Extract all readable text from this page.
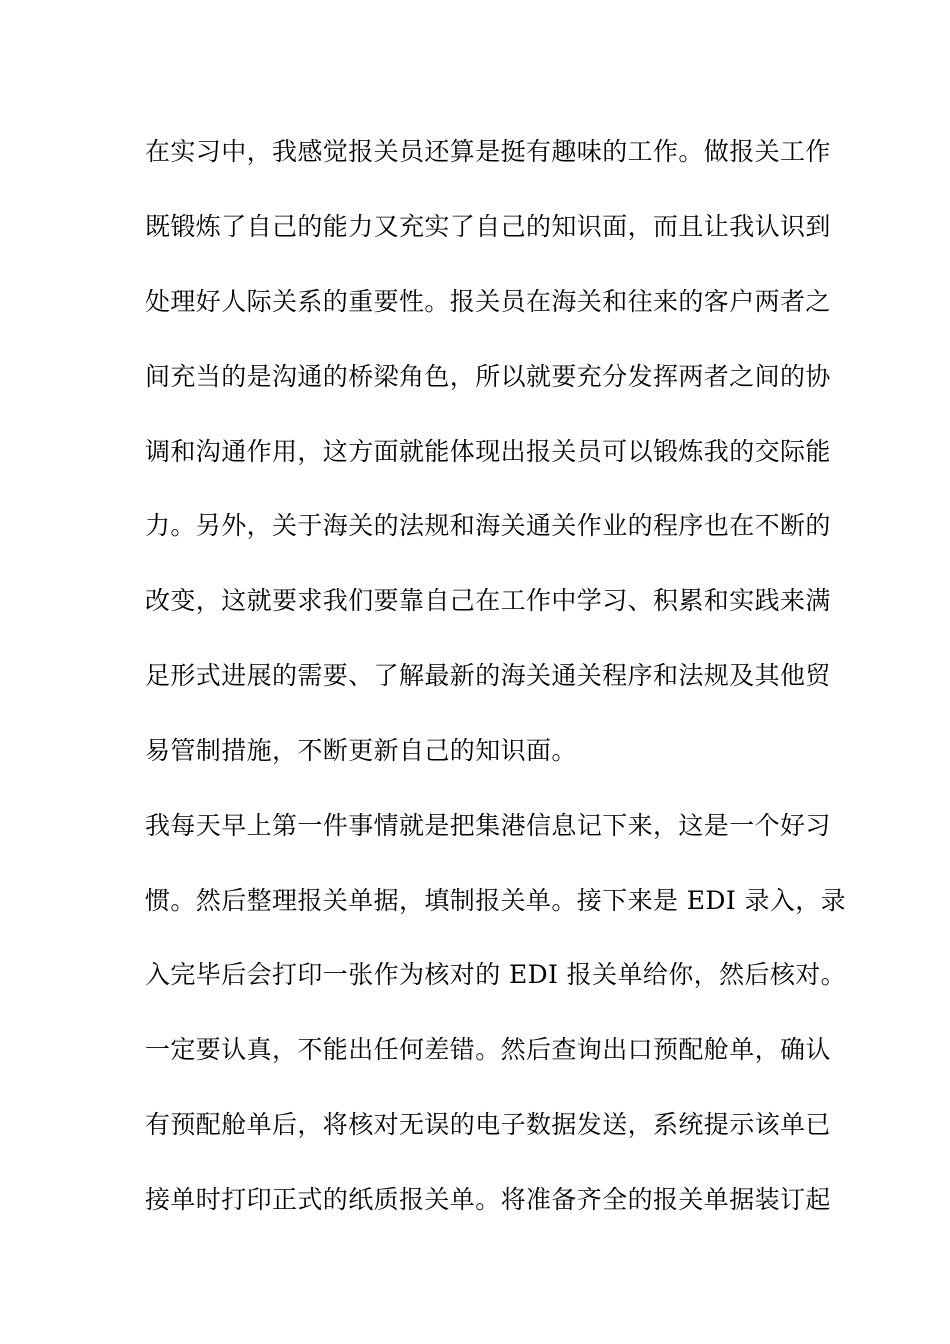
在实习中，我感觉报关员还算是挺有趣味的工作。做报关工作
既锻炼了自己的能力又充实了自己的知识面，而且让我认识到
处理好人际关系的重要性。报关员在海关和往来的客户两者之
间充当的是沟通的桥梁角色，所以就要充分发挥两者之间的协
调和沟通作用，这方面就能体现出报关员可以锻炼我的交际能
力。另外，关于海关的法规和海关通关作业的程序也在不断的
改变，这就要求我们要靠自己在工作中学习、积累和实践来满
足形式进展的需要、了解最新的海关通关程序和法规及其他贸
易管制措施，不断更新自己的知识面。
我每天早上第一件事情就是把集港信息记下来，这是一个好习
惯。然后整理报关单据，填制报关单。接下来是 EDI 录入，录
入完毕后会打印一张作为核对的 EDI 报关单给你，然后核对。
一定要认真，不能出任何差错。然后查询出口预配舱单，确认
有预配舱单后，将核对无误的电子数据发送，系统提示该单已
接单时打印正式的纸质报关单。将准备齐全的报关单据装订起
